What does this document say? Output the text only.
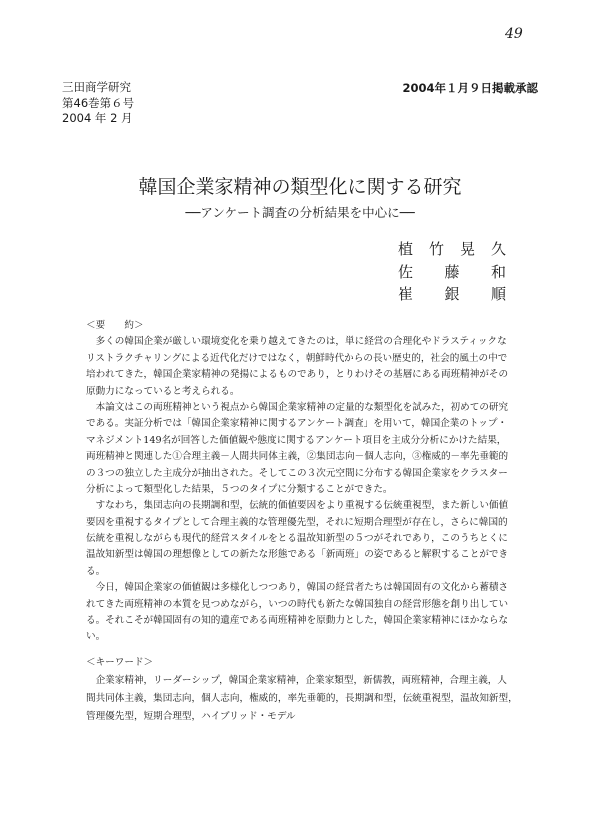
49
三田商学研究
第46巻第６号
2004 年 2 月
2004年１月９日掲載承認
韓国企業家精神の類型化に関する研究
──アンケート調査の分析結果を中心に──
植竹晃久
佐藤和
崔銀順
＜要　　約＞
　多くの韓国企業が厳しい環境変化を乗り越えてきたのは，単に経営の合理化やドラスティックな
リストラクチャリングによる近代化だけではなく，朝鮮時代からの長い歴史的，社会的風土の中で
培われてきた，韓国企業家精神の発揚によるものであり，とりわけその基層にある両班精神がその
原動力になっていると考えられる。
　本論文はこの両班精神という視点から韓国企業家精神の定量的な類型化を試みた，初めての研究
である。実証分析では「韓国企業家精神に関するアンケート調査」を用いて，韓国企業のトップ・
マネジメント149名が回答した価値観や態度に関するアンケート項目を主成分分析にかけた結果，
両班精神と関連した①合理主義－人間共同体主義，②集団志向－個人志向，③権威的－率先垂範的
の３つの独立した主成分が抽出された。そしてこの３次元空間に分布する韓国企業家をクラスター
分析によって類型化した結果，５つのタイプに分類することができた。
　すなわち，集団志向の長期調和型，伝統的価値要因をより重視する伝統重視型，また新しい価値
要因を重視するタイプとして合理主義的な管理優先型，それに短期合理型が存在し，さらに韓国的
伝統を重視しながらも現代的経営スタイルをとる温故知新型の５つがそれであり，このうちとくに
温故知新型は韓国の理想像としての新たな形態である「新両班」の姿であると解釈することができ
る。
　今日，韓国企業家の価値観は多様化しつつあり，韓国の経営者たちは韓国固有の文化から蓄積さ
れてきた両班精神の本質を見つめながら，いつの時代も新たな韓国独自の経営形態を創り出してい
る。それこそが韓国固有の知的遺産である両班精神を原動力とした，韓国企業家精神にほかならな
い。
＜キーワード＞
　企業家精神，リーダーシップ，韓国企業家精神，企業家類型，新儒教，両班精神，合理主義，人
間共同体主義，集団志向，個人志向，権威的，率先垂範的，長期調和型，伝統重視型，温故知新型，
管理優先型，短期合理型，ハイブリッド・モデル
